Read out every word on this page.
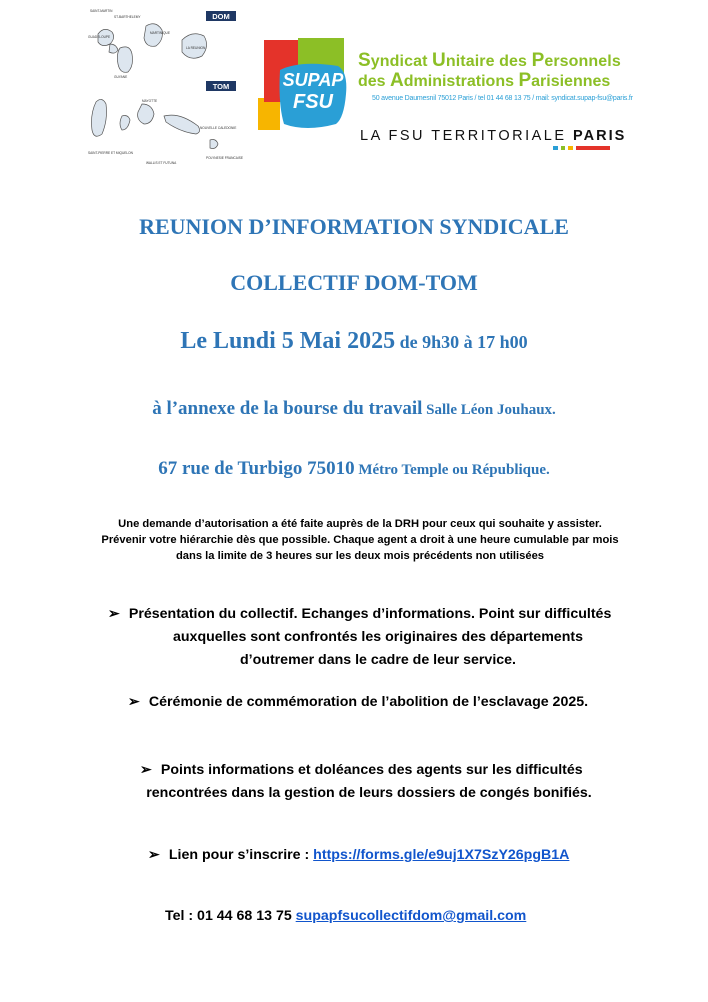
DOM
TOM
SAINT-MARTIN
ST-BARTHELEMY
GUADELOUPE
GUYANE
MARTINIQUE
LA REUNION
MAYOTTE
NOUVELLE CALEDONIE
SAINT-PIERRE ET MIQUELON
WALLIS ET FUTUNA
POLYNESIE FRANCAISE
SUPAP
FSU
Syndicat Unitaire des Personnels
des Administrations Parisiennes
50 avenue Daumesnil 75012 Paris / tel 01 44 68 13 75 / mail: syndicat.supap-fsu@paris.fr
LA FSU TERRITORIALE PARIS
REUNION D’INFORMATION SYNDICALE
COLLECTIF DOM-TOM
Le Lundi 5 Mai 2025 de 9h30 à 17 h00
à l’annexe de la bourse du travail Salle Léon Jouhaux.
67 rue de Turbigo 75010 Métro Temple ou République.
Une demande d’autorisation a été faite auprès de la DRH pour ceux qui souhaite y assister.
Prévenir votre hiérarchie dès que possible. Chaque agent a droit à une heure cumulable par mois
dans la limite de 3 heures sur les deux mois précédents non utilisées
➢ Présentation du collectif. Echanges d’informations. Point sur difficultés
auxquelles sont confrontés les originaires des départements
d’outremer dans le cadre de leur service.
➢ Cérémonie de commémoration de l’abolition de l’esclavage 2025.
➢ Points informations et doléances des agents sur les difficultés
rencontrées dans la gestion de leurs dossiers de congés bonifiés.
➢ Lien pour s’inscrire : https://forms.gle/e9uj1X7SzY26pgB1A
Tel : 01 44 68 13 75 supapfsucollectifdom@gmail.com
